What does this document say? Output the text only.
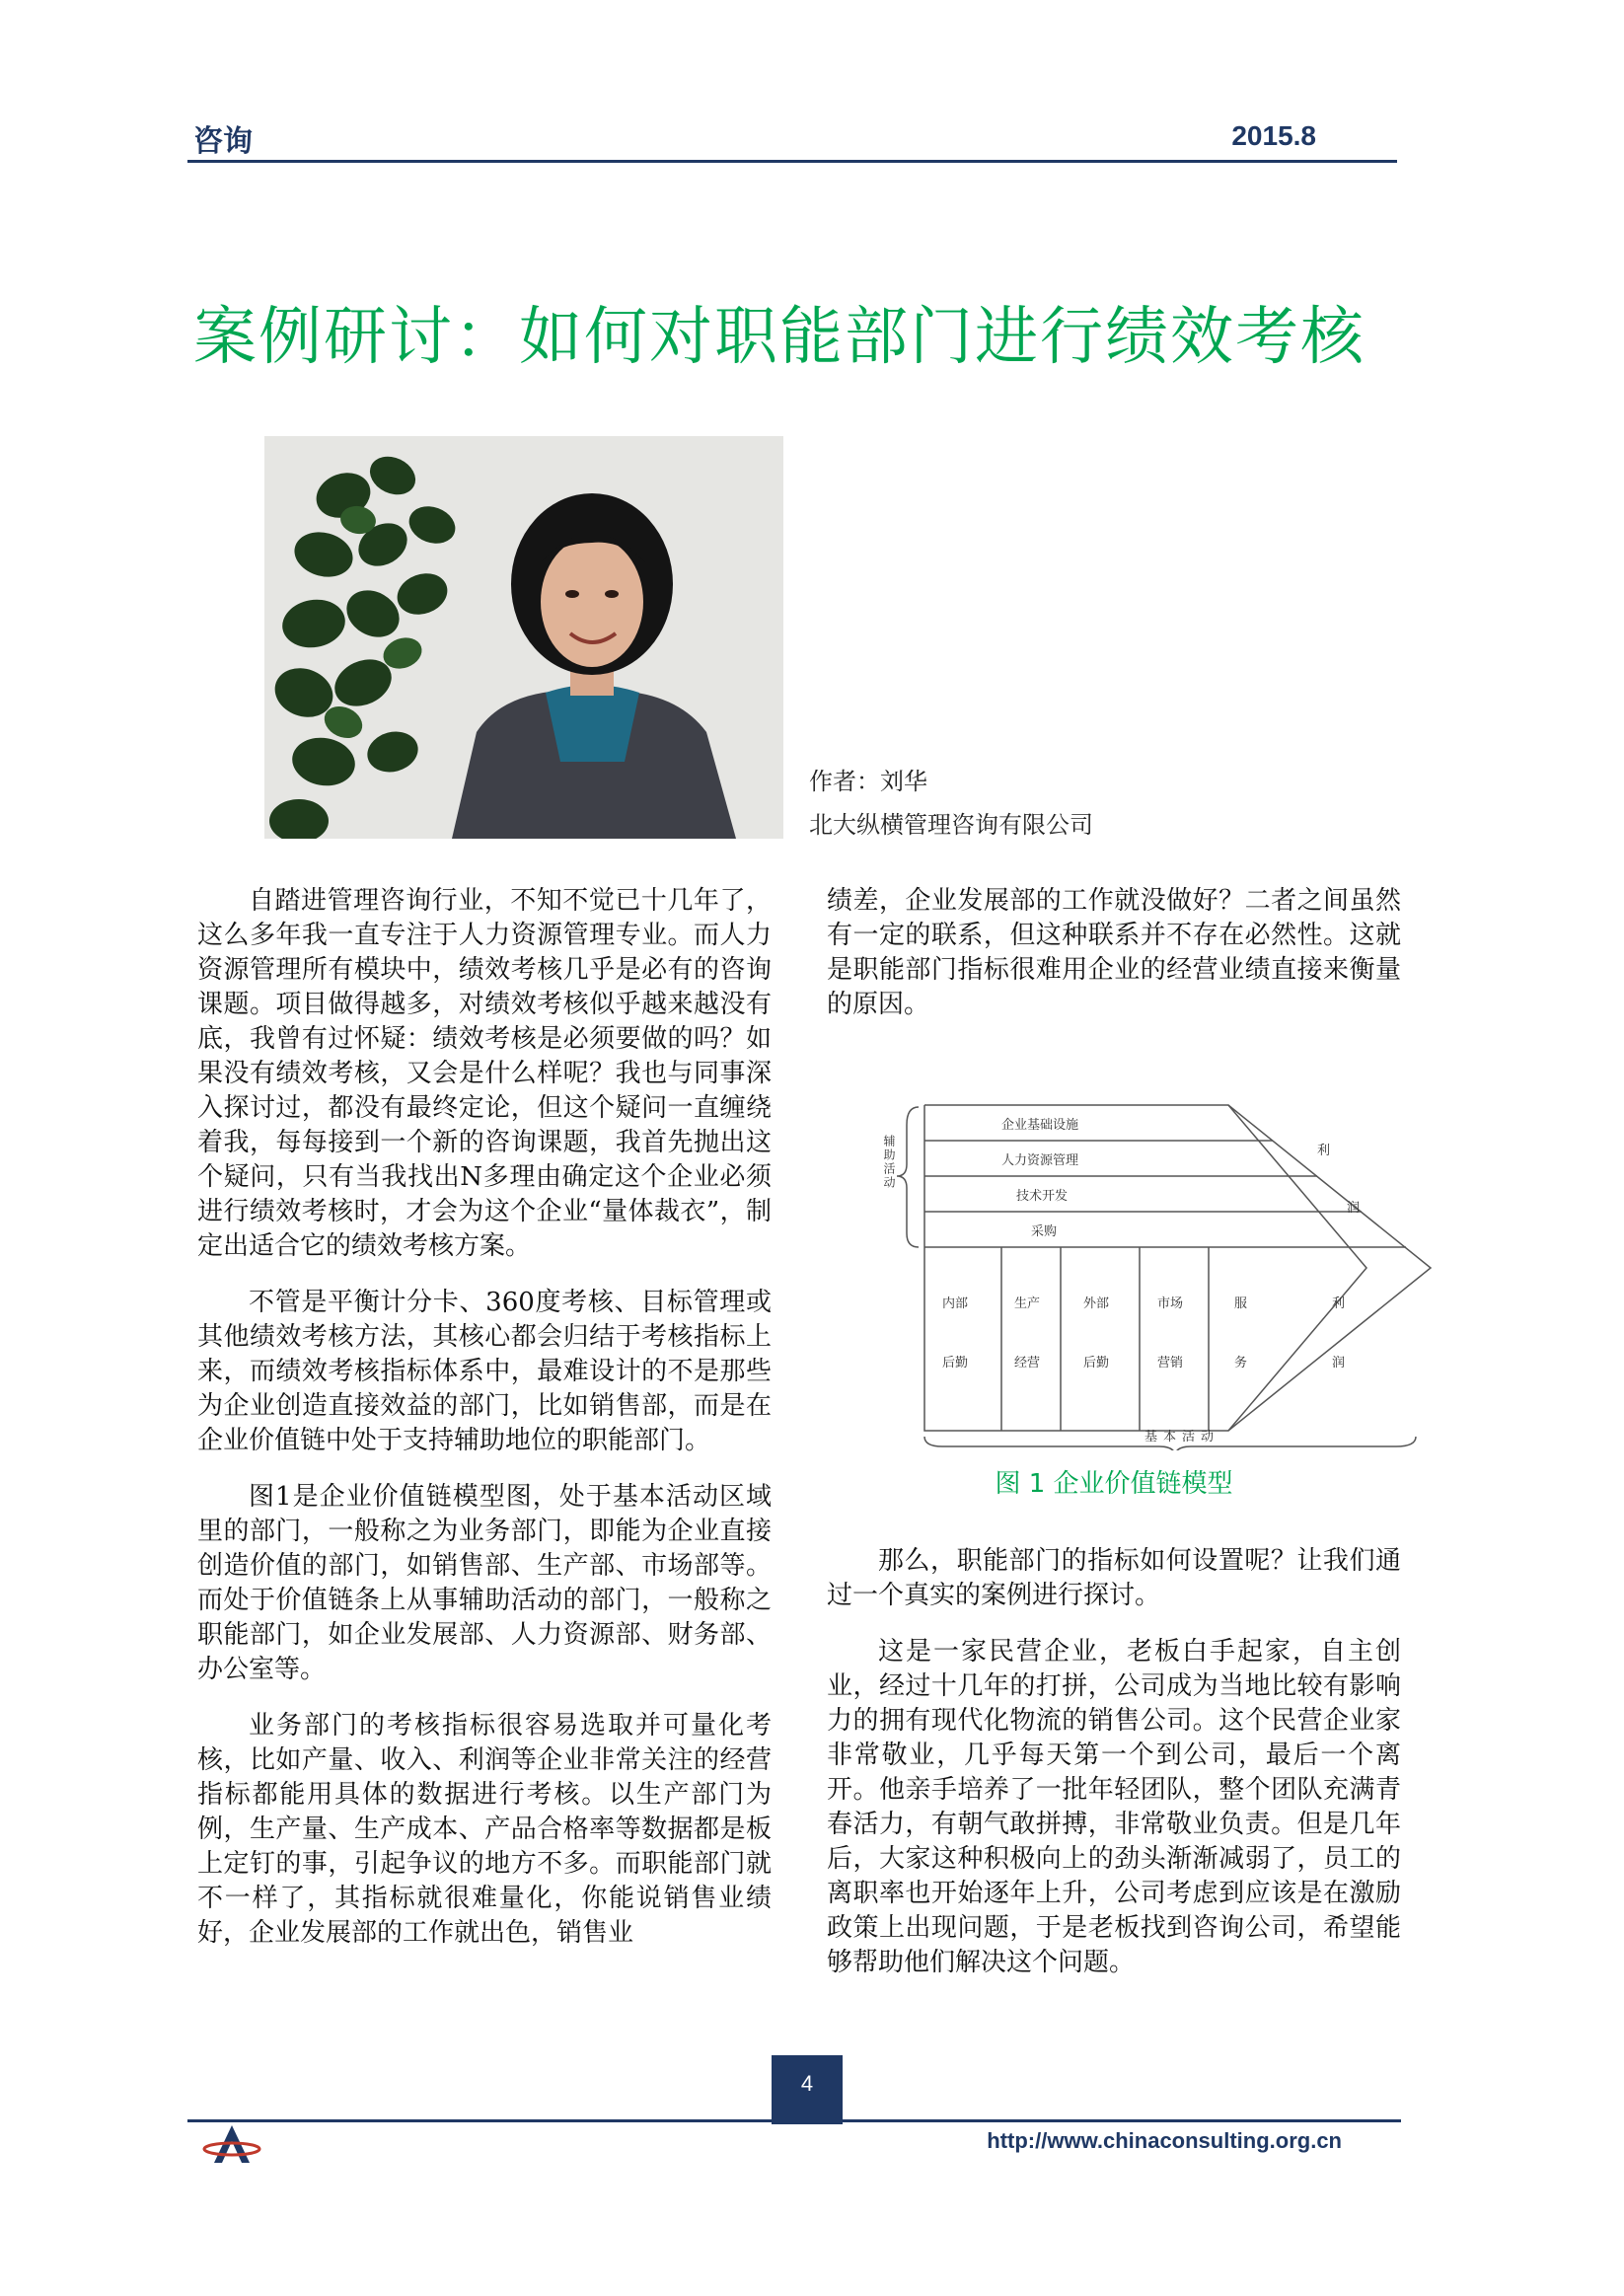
咨询	2015.8
案例研讨：如何对职能部门进行绩效考核
作者：刘华
北大纵横管理咨询有限公司

自踏进管理咨询行业，不知不觉已十几年了，这么多年我一直专注于人力资源管理专业。而人力资源管理所有模块中，绩效考核几乎是必有的咨询课题。项目做得越多，对绩效考核似乎越来越没有底，我曾有过怀疑：绩效考核是必须要做的吗？如果没有绩效考核，又会是什么样呢？我也与同事深入探讨过，都没有最终定论，但这个疑问一直缠绕着我，每每接到一个新的咨询课题，我首先抛出这个疑问，只有当我找出N多理由确定这个企业必须进行绩效考核时，才会为这个企业“量体裁衣”，制定出适合它的绩效考核方案。

不管是平衡计分卡、360度考核、目标管理或其他绩效考核方法，其核心都会归结于考核指标上来，而绩效考核指标体系中，最难设计的不是那些为企业创造直接效益的部门，比如销售部，而是在企业价值链中处于支持辅助地位的职能部门。

图1是企业价值链模型图，处于基本活动区域里的部门，一般称之为业务部门，即能为企业直接创造价值的部门，如销售部、生产部、市场部等。而处于价值链条上从事辅助活动的部门，一般称之职能部门，如企业发展部、人力资源部、财务部、办公室等。

业务部门的考核指标很容易选取并可量化考核，比如产量、收入、利润等企业非常关注的经营指标都能用具体的数据进行考核。以生产部门为例，生产量、生产成本、产品合格率等数据都是板上定钉的事，引起争议的地方不多。而职能部门就不一样了，其指标就很难量化，你能说销售业绩好，企业发展部的工作就出色，销售业

绩差，企业发展部的工作就没做好？二者之间虽然有一定的联系，但这种联系并不存在必然性。这就是职能部门指标很难用企业的经营业绩直接来衡量的原因。

企业基础设施
人力资源管理
技术开发
采购
内部
后勤
生产
经营
外部
后勤
市场
营销
服
务
利
润
利
润
基本活动
辅助活动
图 1 企业价值链模型

那么，职能部门的指标如何设置呢？让我们通过一个真实的案例进行探讨。

这是一家民营企业，老板白手起家，自主创业，经过十几年的打拼，公司成为当地比较有影响力的拥有现代化物流的销售公司。这个民营企业家非常敬业，几乎每天第一个到公司，最后一个离开。他亲手培养了一批年轻团队，整个团队充满青春活力，有朝气敢拼搏，非常敬业负责。但是几年后，大家这种积极向上的劲头渐渐减弱了，员工的离职率也开始逐年上升，公司考虑到应该是在激励政策上出现问题，于是老板找到咨询公司，希望能够帮助他们解决这个问题。

4
http://www.chinaconsulting.org.cn
